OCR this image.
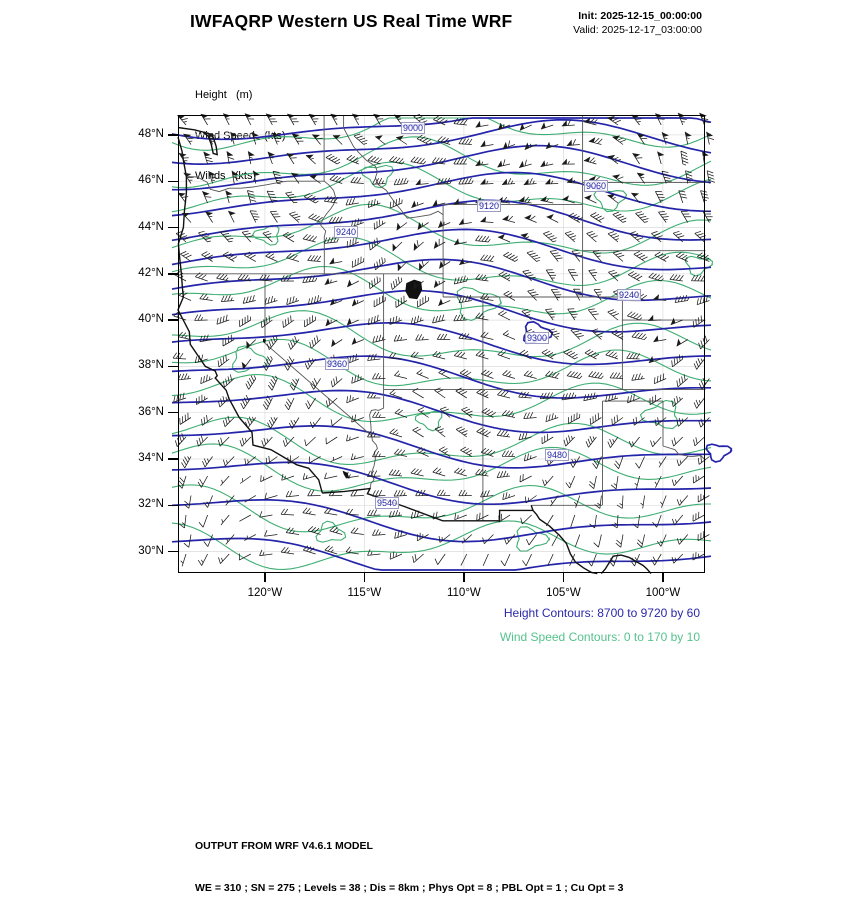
IWFAQRP Western US Real Time WRF	Init: 2025-12-15_00:00:00
Valid: 2025-12-17_03:00:00

Height   (m)

Wind Speed   (kts)

Winds   (kts)

9000
9060
9120
9240
9240
9300
9360
9480
9540
48°N
46°N
44°N
42°N
40°N
38°N
36°N
34°N
32°N
30°N
120°W	115°W	110°W	105°W	100°W
Height Contours: 8700 to 9720 by 60
Wind Speed Contours: 0 to 170 by 10

OUTPUT FROM WRF V4.6.1 MODEL

WE = 310 ; SN = 275 ; Levels = 38 ; Dis = 8km ; Phys Opt = 8 ; PBL Opt = 1 ; Cu Opt = 3
